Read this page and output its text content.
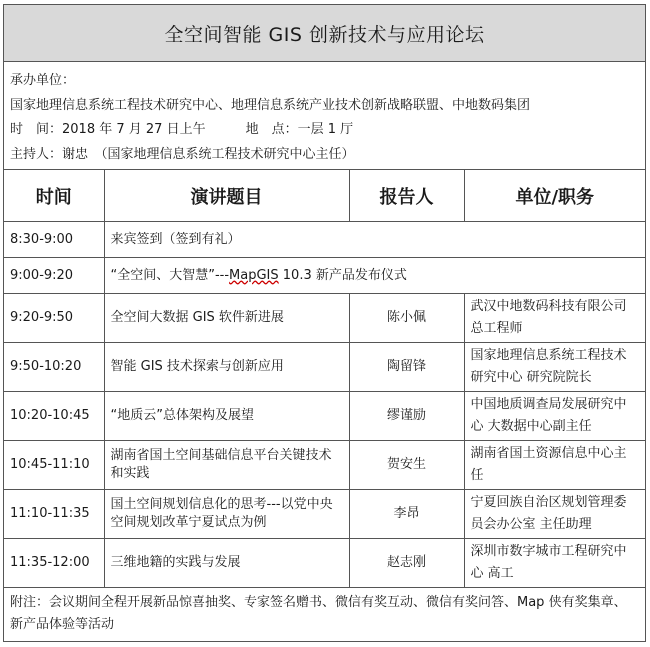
全空间智能 GIS 创新技术与应用论坛
承办单位：
国家地理信息系统工程技术研究中心、地理信息系统产业技术创新战略联盟、中地数码集团
时　间：2018 年 7 月 27 日上午	地　点：一层 1 厅
主持人：谢忠　（国家地理信息系统工程技术研究中心主任）
时间	演讲题目	报告人	单位/职务
8:30-9:00	来宾签到（签到有礼）		
9:00-9:20	“全空间、大智慧”---MapGIS 10.3 新产品发布仪式		
9:20-9:50	全空间大数据 GIS 软件新进展	陈小佩	武汉中地数码科技有限公司 总工程师
9:50-10:20	智能 GIS 技术探索与创新应用	陶留锋	国家地理信息系统工程技术研究中心 研究院院长
10:20-10:45	“地质云”总体架构及展望	缪谨励	中国地质调查局发展研究中心 大数据中心副主任
10:45-11:10	湖南省国土空间基础信息平台关键技术和实践	贺安生	湖南省国土资源信息中心主任
11:10-11:35	国土空间规划信息化的思考---以党中央空间规划改革宁夏试点为例	李昂	宁夏回族自治区规划管理委员会办公室 主任助理
11:35-12:00	三维地籍的实践与发展	赵志刚	深圳市数字城市工程研究中心 高工
附注：会议期间全程开展新品惊喜抽奖、专家签名赠书、微信有奖互动、微信有奖问答、Map 侠有奖集章、新产品体验等活动
